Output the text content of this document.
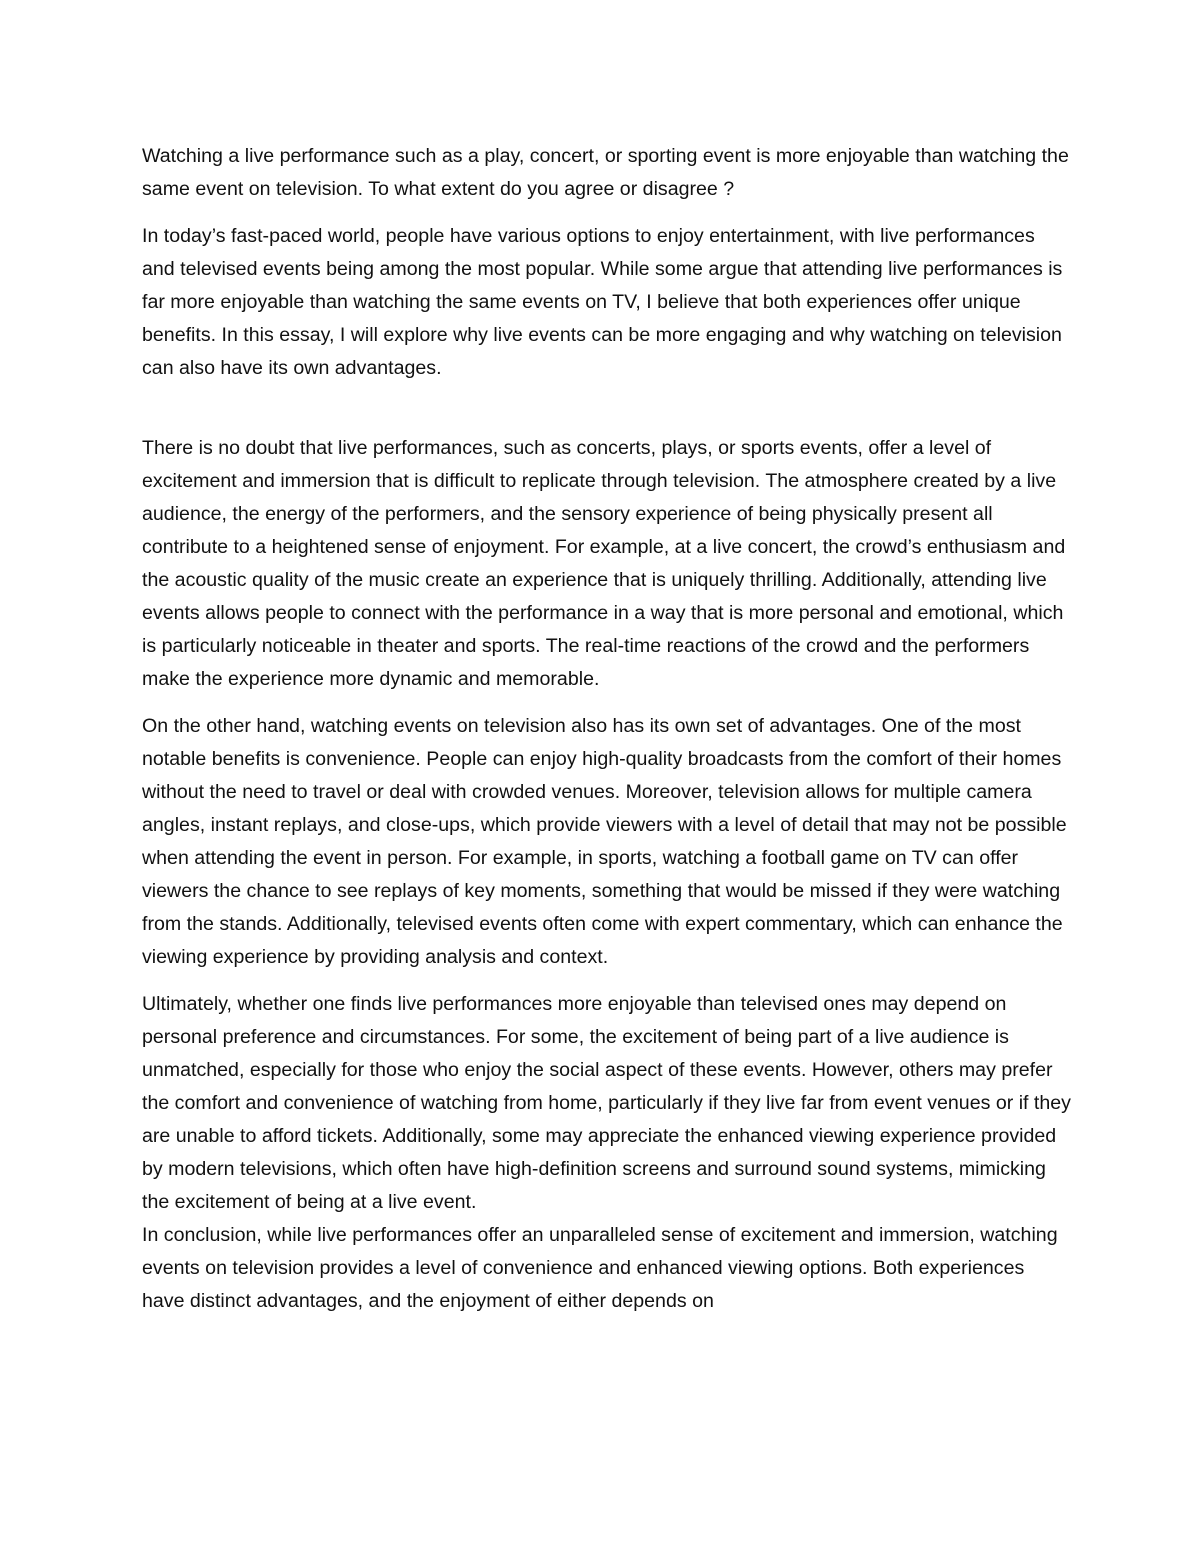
Watching a live performance such as a play, concert, or sporting event is more enjoyable than watching the same event on television. To what extent do you agree or disagree ?

In today’s fast-paced world, people have various options to enjoy entertainment, with live performances and televised events being among the most popular. While some argue that attending live performances is far more enjoyable than watching the same events on TV, I believe that both experiences offer unique benefits. In this essay, I will explore why live events can be more engaging and why watching on television can also have its own advantages.

There is no doubt that live performances, such as concerts, plays, or sports events, offer a level of excitement and immersion that is difficult to replicate through television. The atmosphere created by a live audience, the energy of the performers, and the sensory experience of being physically present all contribute to a heightened sense of enjoyment. For example, at a live concert, the crowd’s enthusiasm and the acoustic quality of the music create an experience that is uniquely thrilling. Additionally, attending live events allows people to connect with the performance in a way that is more personal and emotional, which is particularly noticeable in theater and sports. The real-time reactions of the crowd and the performers make the experience more dynamic and memorable.

On the other hand, watching events on television also has its own set of advantages. One of the most notable benefits is convenience. People can enjoy high-quality broadcasts from the comfort of their homes without the need to travel or deal with crowded venues. Moreover, television allows for multiple camera angles, instant replays, and close-ups, which provide viewers with a level of detail that may not be possible when attending the event in person. For example, in sports, watching a football game on TV can offer viewers the chance to see replays of key moments, something that would be missed if they were watching from the stands. Additionally, televised events often come with expert commentary, which can enhance the viewing experience by providing analysis and context.

Ultimately, whether one finds live performances more enjoyable than televised ones may depend on personal preference and circumstances. For some, the excitement of being part of a live audience is unmatched, especially for those who enjoy the social aspect of these events. However, others may prefer the comfort and convenience of watching from home, particularly if they live far from event venues or if they are unable to afford tickets. Additionally, some may appreciate the enhanced viewing experience provided by modern televisions, which often have high-definition screens and surround sound systems, mimicking the excitement of being at a live event.

In conclusion, while live performances offer an unparalleled sense of excitement and immersion, watching events on television provides a level of convenience and enhanced viewing options. Both experiences have distinct advantages, and the enjoyment of either depends on
